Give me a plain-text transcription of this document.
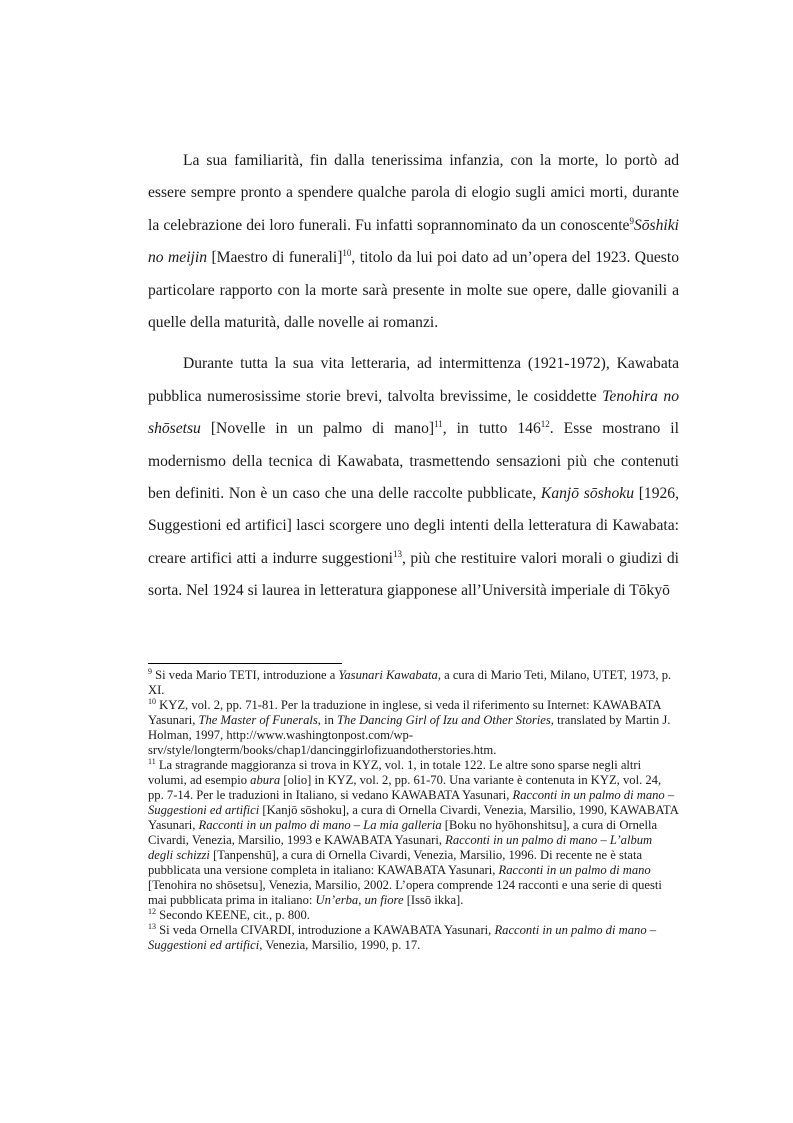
La sua familiarità, fin dalla tenerissima infanzia, con la morte, lo portò ad essere sempre pronto a spendere qualche parola di elogio sugli amici morti, durante la celebrazione dei loro funerali. Fu infatti soprannominato da un conoscente$^9$Sōshiki no meijin [Maestro di funerali]$^{10}$, titolo da lui poi dato ad un’opera del 1923. Questo particolare rapporto con la morte sarà presente in molte sue opere, dalle giovanili a quelle della maturità, dalle novelle ai romanzi.

Durante tutta la sua vita letteraria, ad intermittenza (1921-1972), Kawabata pubblica numerosissime storie brevi, talvolta brevissime, le cosiddette Tenohira no shōsetsu [Novelle in un palmo di mano]$^{11}$, in tutto $146^{12}$. Esse mostrano il modernismo della tecnica di Kawabata, trasmettendo sensazioni più che contenuti ben definiti. Non è un caso che una delle raccolte pubblicate, Kanjō sōshoku [1926, Suggestioni ed artifici] lasci scorgere uno degli intenti della letteratura di Kawabata: creare artifici atti a indurre suggestioni$^{13}$, più che restituire valori morali o giudizi di sorta. Nel 1924 si laurea in letteratura giapponese all’Università imperiale di Tōkyō

$^9$ Si veda Mario TETI, introduzione a Yasunari Kawabata, a cura di Mario Teti, Milano, UTET, 1973, p. XI.

$^{10}$ KYZ, vol. 2, pp. 71-81. Per la traduzione in inglese, si veda il riferimento su Internet: KAWABATA Yasunari, The Master of Funerals, in The Dancing Girl of Izu and Other Stories, translated by Martin J. Holman, 1997, http://www.washingtonpost.com/wp-srv/style/longterm/books/chap1/dancinggirlofizuandotherstories.htm.

$^{11}$ La stragrande maggioranza si trova in KYZ, vol. 1, in totale 122. Le altre sono sparse negli altri volumi, ad esempio abura [olio] in KYZ, vol. 2, pp. 61-70. Una variante è contenuta in KYZ, vol. 24, pp. 7-14. Per le traduzioni in Italiano, si vedano KAWABATA Yasunari, Racconti in un palmo di mano – Suggestioni ed artifici [Kanjō sōshoku], a cura di Ornella Civardi, Venezia, Marsilio, 1990, KAWABATA Yasunari, Racconti in un palmo di mano – La mia galleria [Boku no hyōhonshitsu], a cura di Ornella Civardi, Venezia, Marsilio, 1993 e KAWABATA Yasunari, Racconti in un palmo di mano – L’album degli schizzi [Tanpenshū], a cura di Ornella Civardi, Venezia, Marsilio, 1996. Di recente ne è stata pubblicata una versione completa in italiano: KAWABATA Yasunari, Racconti in un palmo di mano [Tenohira no shōsetsu], Venezia, Marsilio, 2002. L’opera comprende 124 racconti e una serie di questi mai pubblicata prima in italiano: Un’erba, un fiore [Issō ikka].

$^{12}$ Secondo KEENE, cit., p. 800.

$^{13}$ Si veda Ornella CIVARDI, introduzione a KAWABATA Yasunari, Racconti in un palmo di mano – Suggestioni ed artifici, Venezia, Marsilio, 1990, p. 17.
